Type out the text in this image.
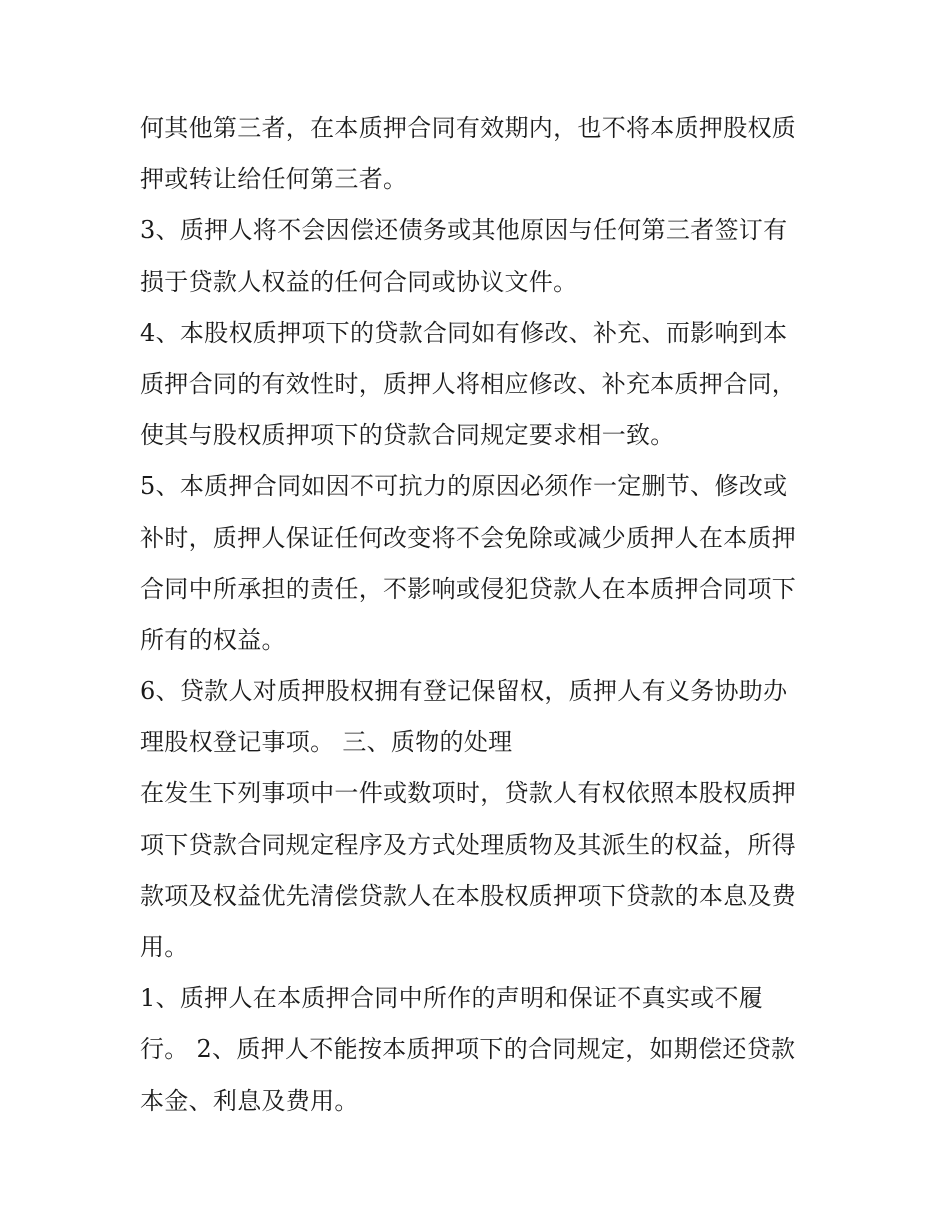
何其他第三者，在本质押合同有效期内，也不将本质押股权质
押或转让给任何第三者。
3、质押人将不会因偿还债务或其他原因与任何第三者签订有
损于贷款人权益的任何合同或协议文件。
4、本股权质押项下的贷款合同如有修改、补充、而影响到本
质押合同的有效性时，质押人将相应修改、补充本质押合同，
使其与股权质押项下的贷款合同规定要求相一致。
5、本质押合同如因不可抗力的原因必须作一定删节、修改或
补时，质押人保证任何改变将不会免除或减少质押人在本质押
合同中所承担的责任，不影响或侵犯贷款人在本质押合同项下
所有的权益。
6、贷款人对质押股权拥有登记保留权，质押人有义务协助办
理股权登记事项。 三、质物的处理
在发生下列事项中一件或数项时，贷款人有权依照本股权质押
项下贷款合同规定程序及方式处理质物及其派生的权益，所得
款项及权益优先清偿贷款人在本股权质押项下贷款的本息及费
用。
1、质押人在本质押合同中所作的声明和保证不真实或不履
行。 2、质押人不能按本质押项下的合同规定，如期偿还贷款
本金、利息及费用。
